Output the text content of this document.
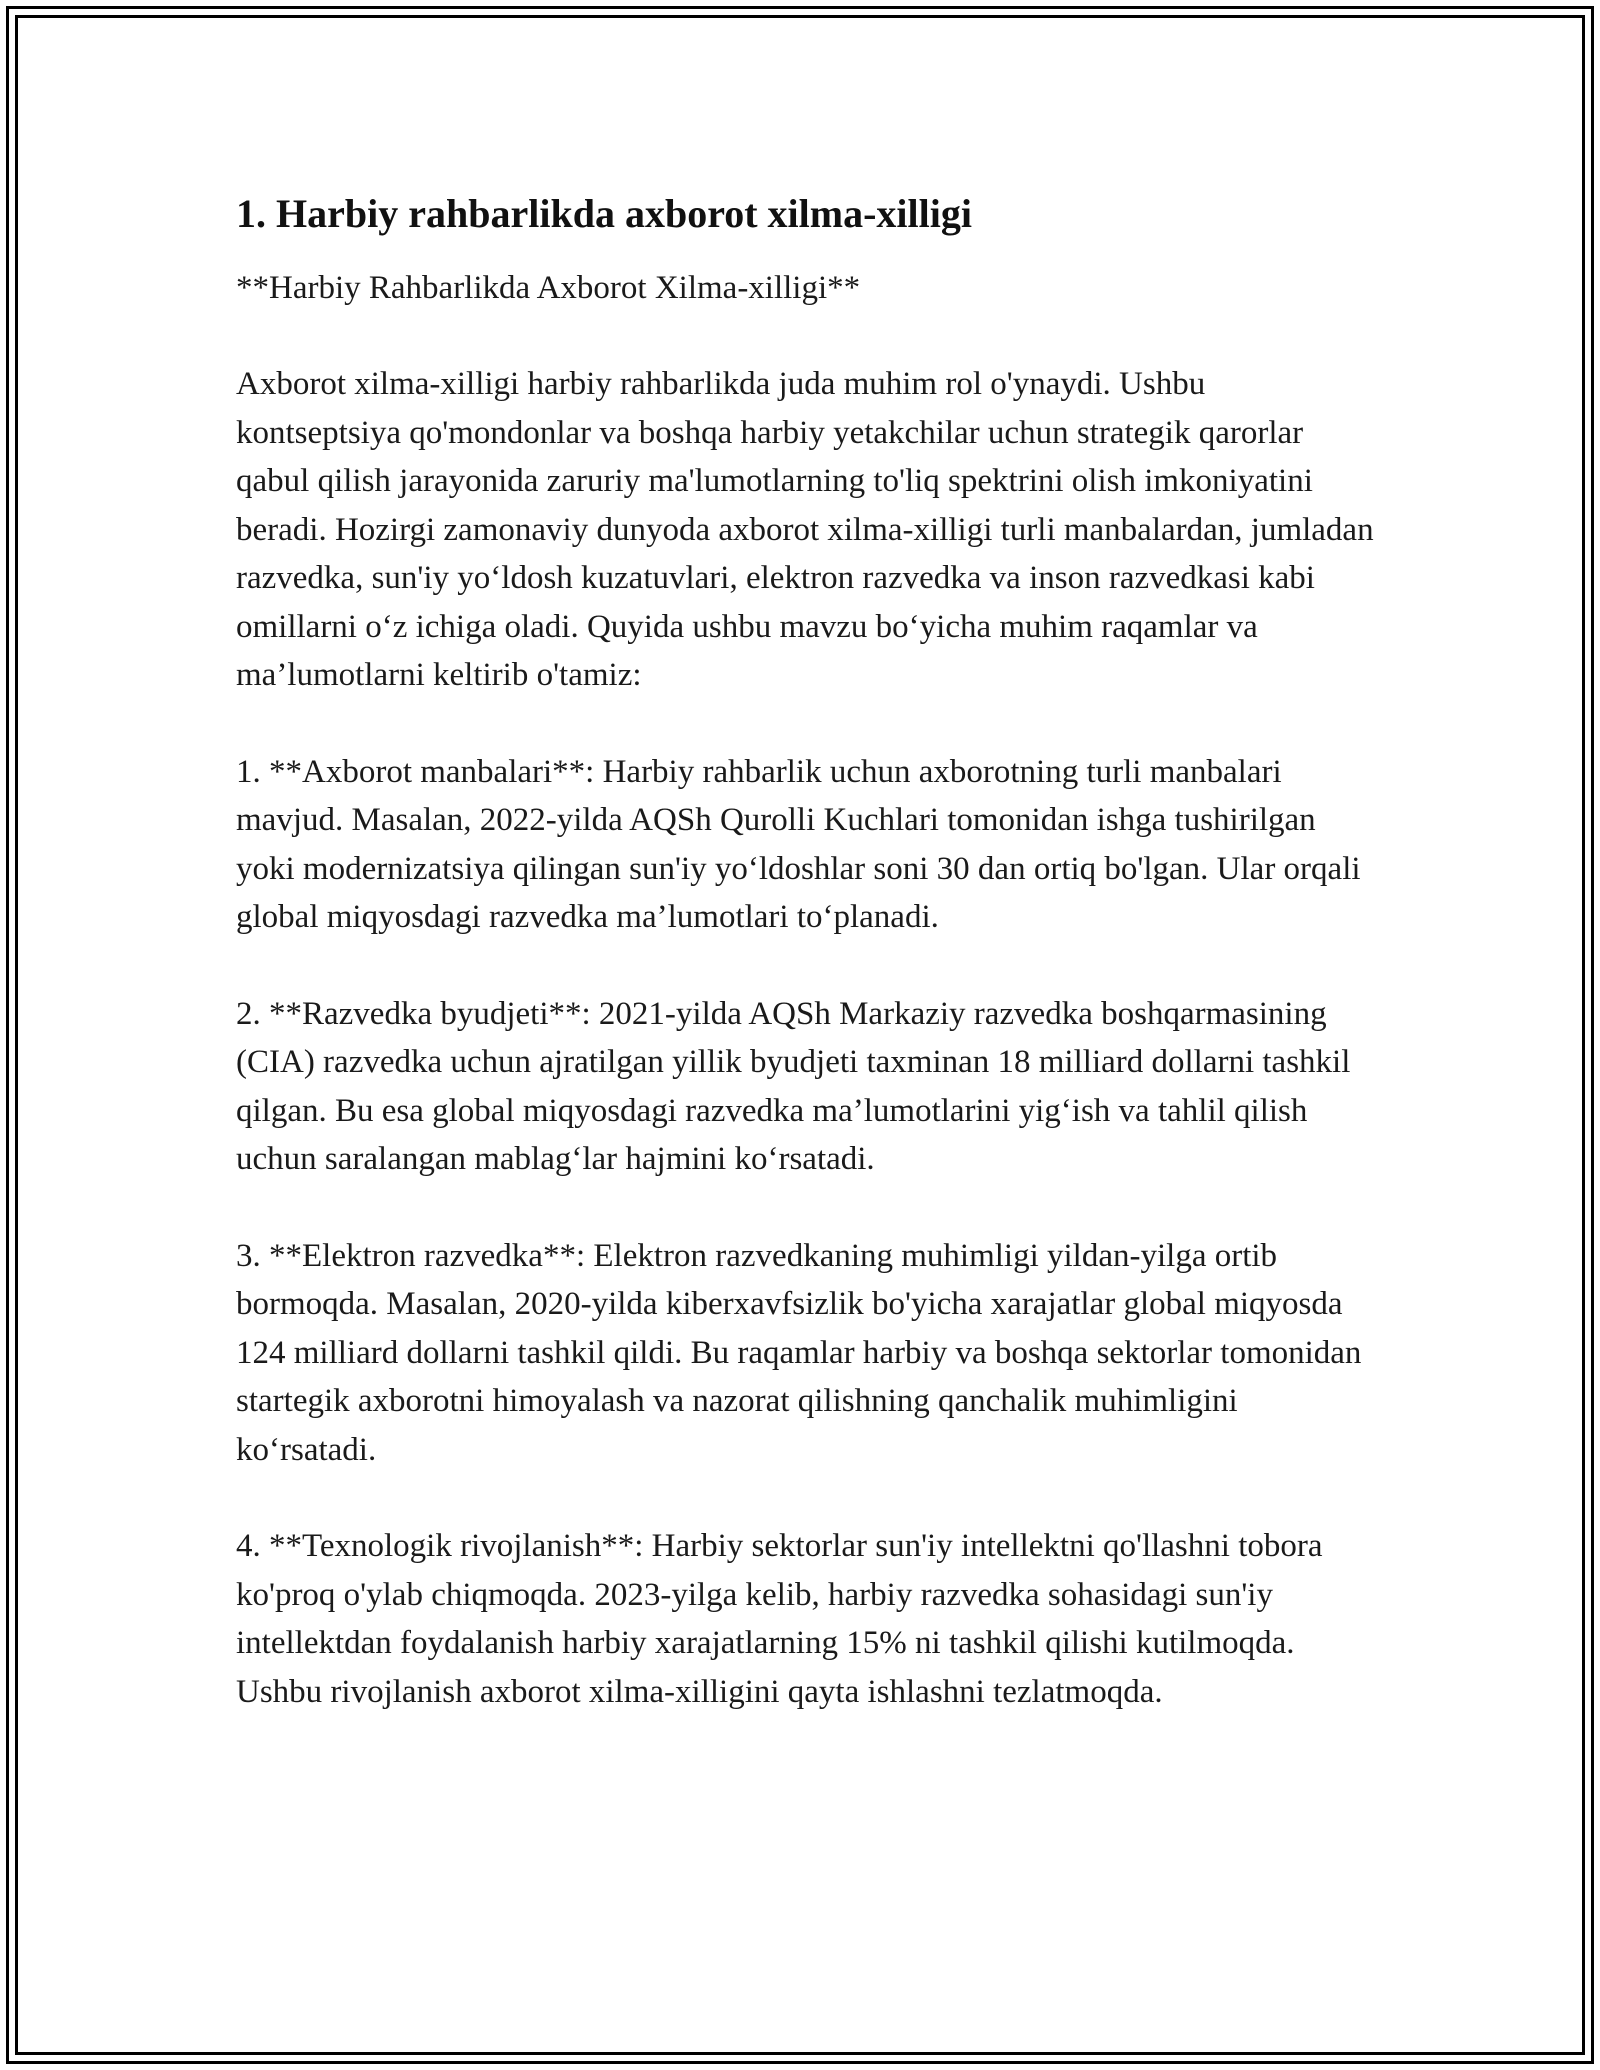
1. Harbiy rahbarlikda axborot xilma-xilligi

**Harbiy Rahbarlikda Axborot Xilma-xilligi**

Axborot xilma-xilligi harbiy rahbarlikda juda muhim rol o'ynaydi. Ushbu kontseptsiya qo'mondonlar va boshqa harbiy yetakchilar uchun strategik qarorlar qabul qilish jarayonida zaruriy ma'lumotlarning to'liq spektrini olish imkoniyatini beradi. Hozirgi zamonaviy dunyoda axborot xilma-xilligi turli manbalardan, jumladan razvedka, sun'iy yo‘ldosh kuzatuvlari, elektron razvedka va inson razvedkasi kabi omillarni o‘z ichiga oladi. Quyida ushbu mavzu bo‘yicha muhim raqamlar va ma’lumotlarni keltirib o'tamiz:

1. **Axborot manbalari**: Harbiy rahbarlik uchun axborotning turli manbalari mavjud. Masalan, 2022-yilda AQSh Qurolli Kuchlari tomonidan ishga tushirilgan yoki modernizatsiya qilingan sun'iy yo‘ldoshlar soni 30 dan ortiq bo'lgan. Ular orqali global miqyosdagi razvedka ma’lumotlari to‘planadi.

2. **Razvedka byudjeti**: 2021-yilda AQSh Markaziy razvedka boshqarmasining (CIA) razvedka uchun ajratilgan yillik byudjeti taxminan 18 milliard dollarni tashkil qilgan. Bu esa global miqyosdagi razvedka ma’lumotlarini yig‘ish va tahlil qilish uchun saralangan mablag‘lar hajmini ko‘rsatadi.

3. **Elektron razvedka**: Elektron razvedkaning muhimligi yildan-yilga ortib bormoqda. Masalan, 2020-yilda kiberxavfsizlik bo'yicha xarajatlar global miqyosda 124 milliard dollarni tashkil qildi. Bu raqamlar harbiy va boshqa sektorlar tomonidan startegik axborotni himoyalash va nazorat qilishning qanchalik muhimligini ko‘rsatadi.

4. **Texnologik rivojlanish**: Harbiy sektorlar sun'iy intellektni qo'llashni tobora ko'proq o'ylab chiqmoqda. 2023-yilga kelib, harbiy razvedka sohasidagi sun'iy intellektdan foydalanish harbiy xarajatlarning 15% ni tashkil qilishi kutilmoqda. Ushbu rivojlanish axborot xilma-xilligini qayta ishlashni tezlatmoqda.
